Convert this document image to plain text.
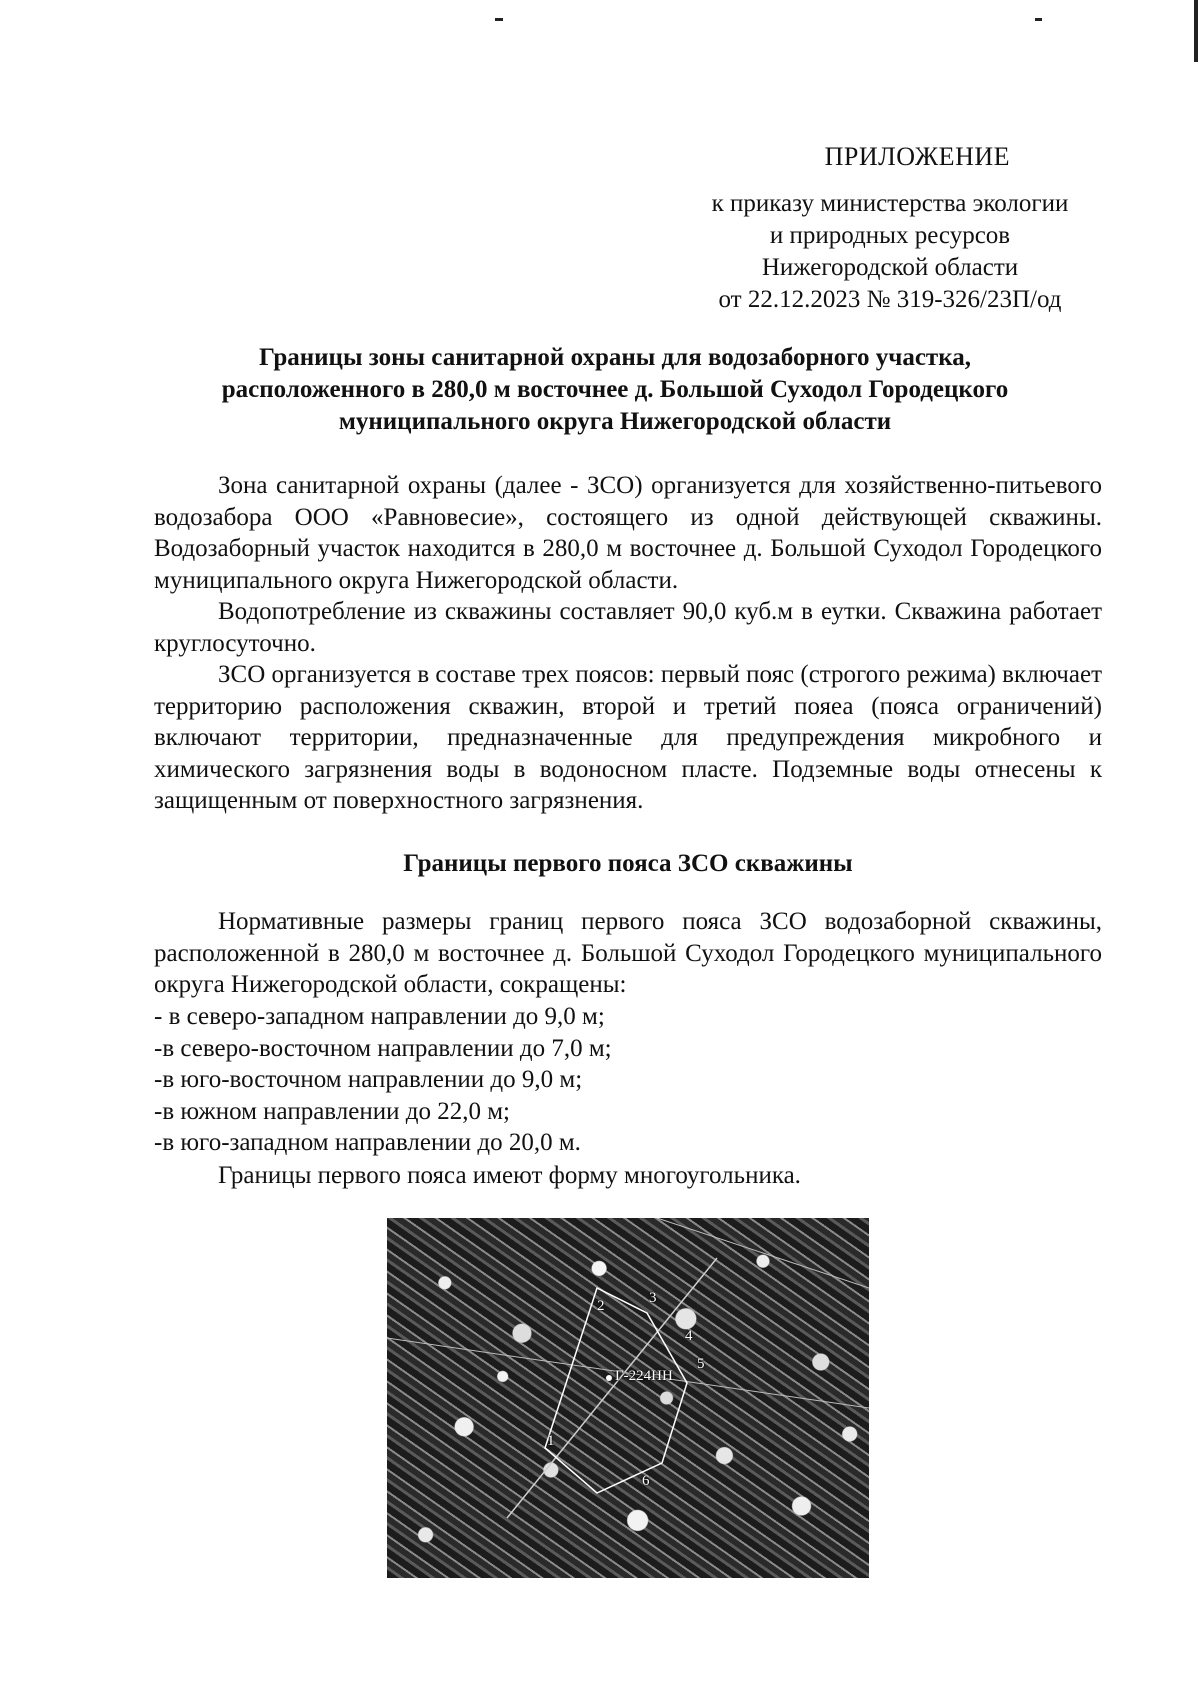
ПРИЛОЖЕНИЕ
к приказу министерства экологии
и природных ресурсов
Нижегородской области
от 22.12.2023 № 319-326/23П/од
Границы зоны санитарной охраны для водозаборного участка,
расположенного в 280,0 м восточнее д. Большой Суходол Городецкого
муниципального округа Нижегородской области

Зона санитарной охраны (далее - ЗСО) организуется для хозяйственно-питьевого водозабора ООО «Равновесие», состоящего из одной действующей скважины. Водозаборный участок находится в 280,0 м восточнее д. Большой Суходол Городецкого муниципального округа Нижегородской области.

Водопотребление из скважины составляет 90,0 куб.м в еутки. Скважина работает круглосуточно.

ЗСО организуется в составе трех поясов: первый пояс (строгого режима) включает территорию расположения скважин, второй и третий пояеа (пояса ограничений) включают территории, предназначенные для предупреждения микробного и химического загрязнения воды в водоносном пласте. Подземные воды отнесены к защищенным от поверхностного загрязнения.

Границы первого пояса ЗСО скважины

Нормативные размеры границ первого пояса ЗСО водозаборной скважины, расположенной в 280,0 м восточнее д. Большой Суходол Городецкого муниципального округа Нижегородской области, сокращены:

- в северо-западном направлении до 9,0 м;
-в северо-восточном направлении до 7,0 м;
-в юго-восточном направлении до 9,0 м;
-в южном направлении до 22,0 м;
-в юго-западном направлении до 20,0 м.

Границы первого пояса имеют форму многоугольника.

Г-224НН
1
2	3
4
5
6
